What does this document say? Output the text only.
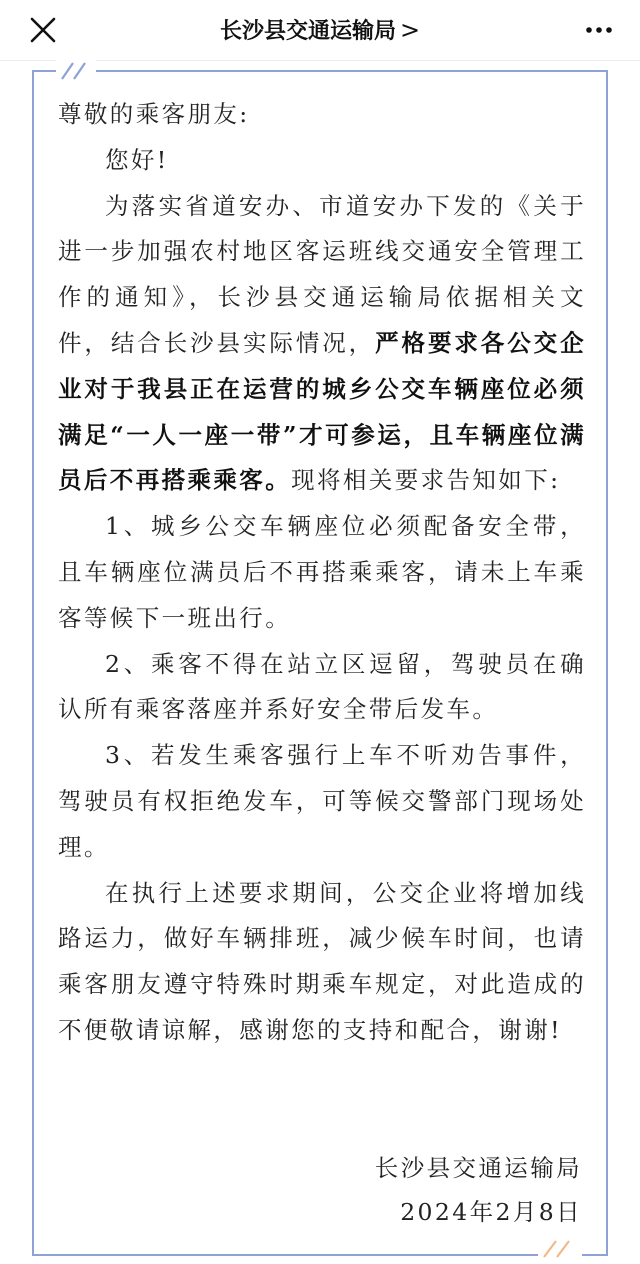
长沙县交通运输局 >

尊敬的乘客朋友:

您好!

为落实省道安办、市道安办下发的《关于进一步加强农村地区客运班线交通安全管理工作的通知》，长沙县交通运输局依据相关文件，结合长沙县实际情况，严格要求各公交企业对于我县正在运营的城乡公交车辆座位必须满足“一人一座一带”才可参运，且车辆座位满员后不再搭乘乘客。现将相关要求告知如下:

1、城乡公交车辆座位必须配备安全带，且车辆座位满员后不再搭乘乘客，请未上车乘客等候下一班出行。

2、乘客不得在站立区逗留，驾驶员在确认所有乘客落座并系好安全带后发车。

3、若发生乘客强行上车不听劝告事件，驾驶员有权拒绝发车，可等候交警部门现场处理。

在执行上述要求期间，公交企业将增加线路运力，做好车辆排班，减少候车时间，也请乘客朋友遵守特殊时期乘车规定，对此造成的不便敬请谅解，感谢您的支持和配合，谢谢!

长沙县交通运输局
2024年2月8日
